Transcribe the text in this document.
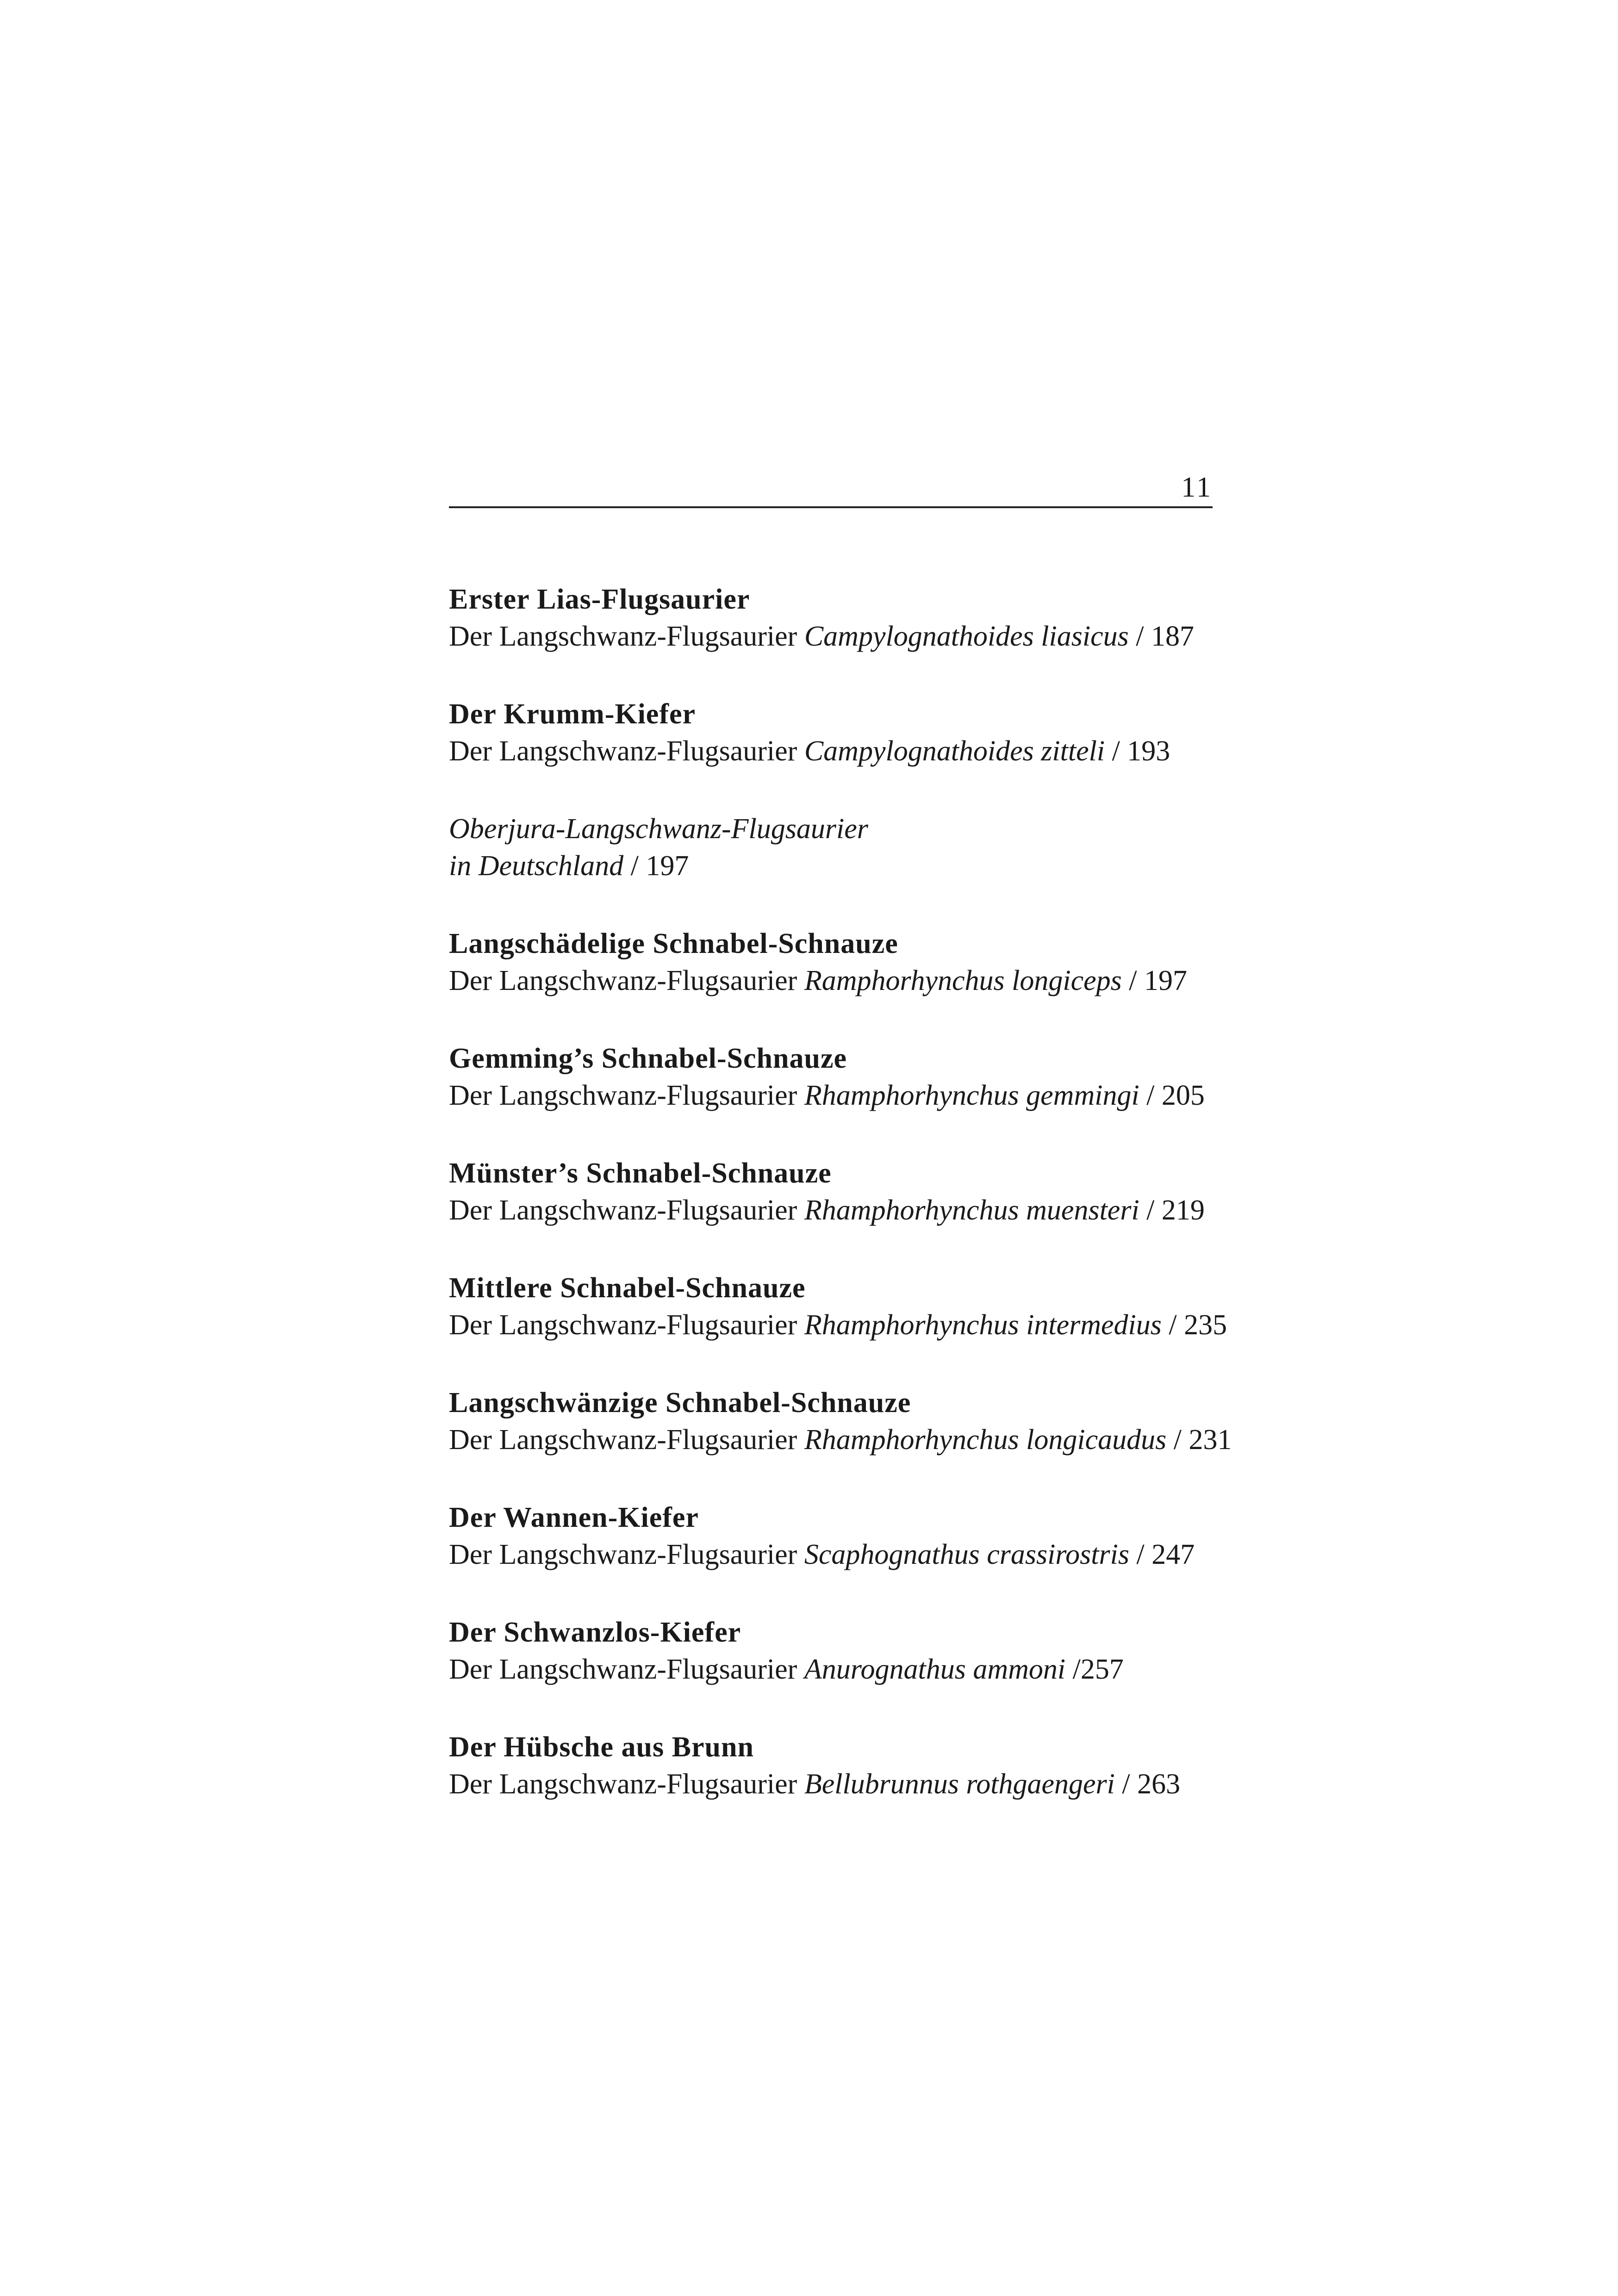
11
Erster Lias-Flugsaurier
Der Langschwanz-Flugsaurier Campylognathoides liasicus / 187
Der Krumm-Kiefer
Der Langschwanz-Flugsaurier Campylognathoides zitteli / 193
Oberjura-Langschwanz-Flugsaurier
in Deutschland / 197
Langschädelige Schnabel-Schnauze
Der Langschwanz-Flugsaurier Ramphorhynchus longiceps / 197
Gemming’s Schnabel-Schnauze
Der Langschwanz-Flugsaurier Rhamphorhynchus gemmingi / 205
Münster’s Schnabel-Schnauze
Der Langschwanz-Flugsaurier Rhamphorhynchus muensteri / 219
Mittlere Schnabel-Schnauze
Der Langschwanz-Flugsaurier Rhamphorhynchus intermedius / 235
Langschwänzige Schnabel-Schnauze
Der Langschwanz-Flugsaurier Rhamphorhynchus longicaudus / 231
Der Wannen-Kiefer
Der Langschwanz-Flugsaurier Scaphognathus crassirostris / 247
Der Schwanzlos-Kiefer
Der Langschwanz-Flugsaurier Anurognathus ammoni /257
Der Hübsche aus Brunn
Der Langschwanz-Flugsaurier Bellubrunnus rothgaengeri / 263
